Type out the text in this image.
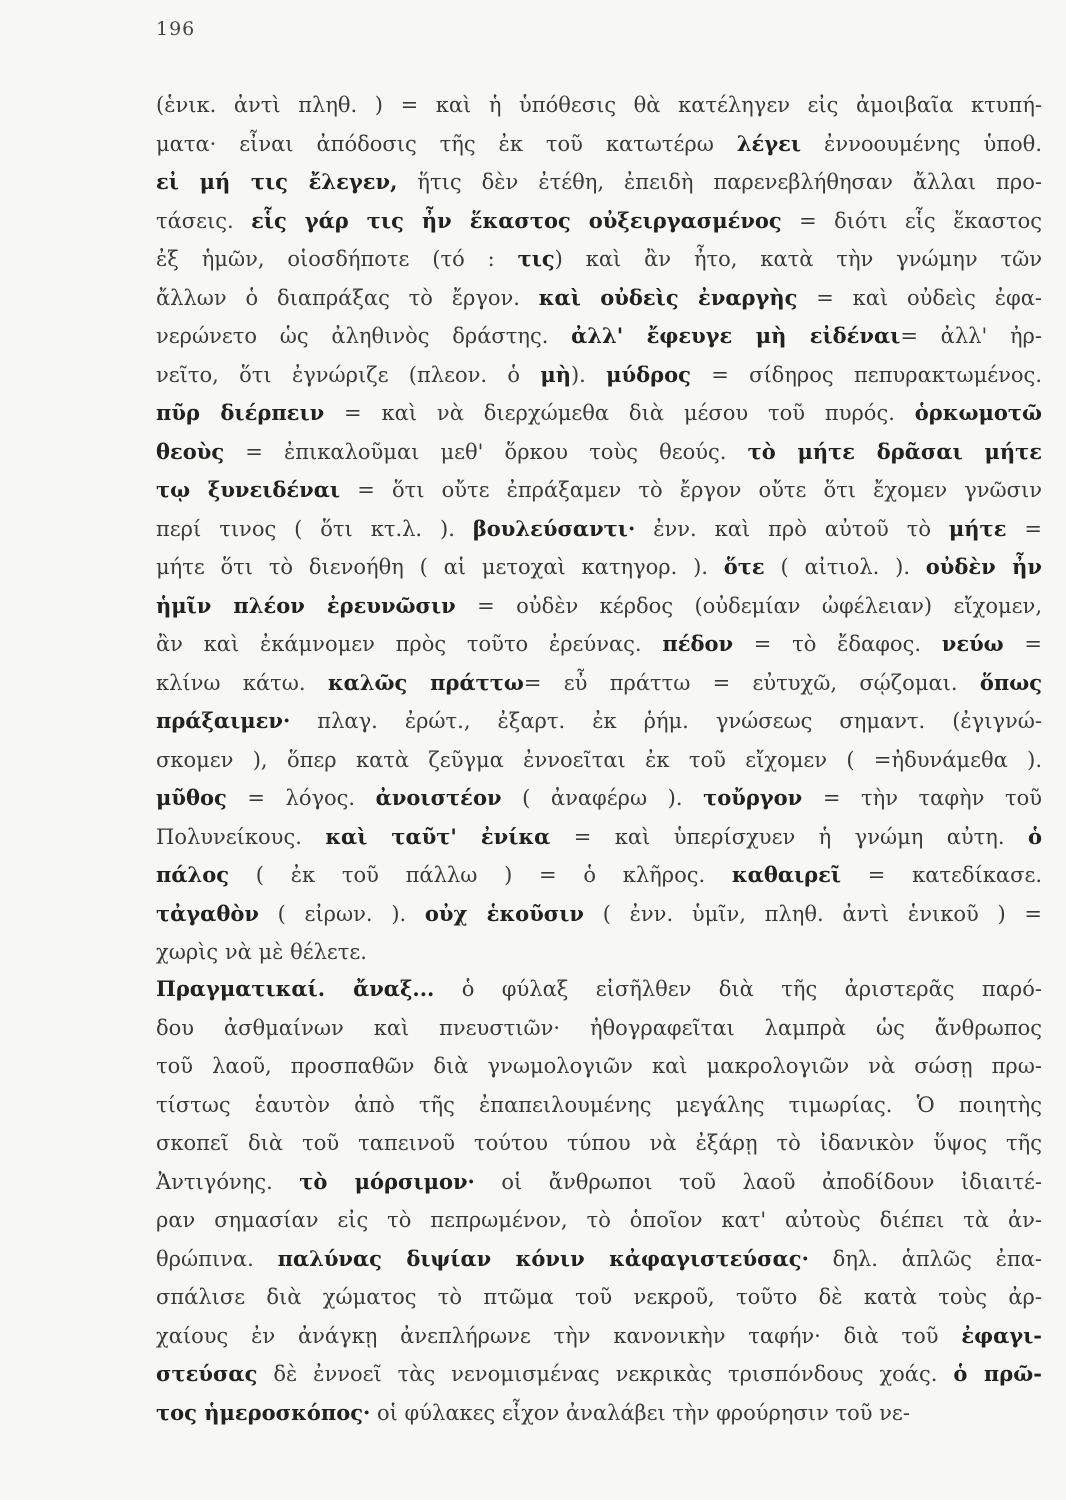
196
(ἑνικ. ἀντὶ πληθ. ) = καὶ ἡ ὑπόθεσις θὰ κατέληγεν εἰς ἀμοιβαῖα κτυπή-
ματα· εἶναι ἀπόδοσις τῆς ἐκ τοῦ κατωτέρω λέγει ἐννοουμένης ὑποθ.
εἰ μή τις ἔλεγεν, ἥτις δὲν ἐτέθη, ἐπειδὴ παρενεβλήθησαν ἄλλαι προ-
τάσεις. εἷς γάρ τις ἦν ἕκαστος οὐξειργασμένος = διότι εἷς ἕκαστος
ἐξ ἡμῶν, οἱοσδήποτε (τό : τις) καὶ ἂν ἦτο, κατὰ τὴν γνώμην τῶν
ἄλλων ὁ διαπράξας τὸ ἔργον. καὶ οὐδεὶς ἐναργὴς = καὶ οὐδεὶς ἐφα-
νερώνετο ὡς ἀληθινὸς δράστης. ἀλλ' ἔφευγε μὴ εἰδέναι= ἀλλ' ἠρ-
νεῖτο, ὅτι ἐγνώριζε (πλεον. ὁ μὴ). μύδρος = σίδηρος πεπυρακτωμένος.
πῦρ διέρπειν = καὶ νὰ διερχώμεθα διὰ μέσου τοῦ πυρός. ὁρκωμοτῶ
θεοὺς = ἐπικαλοῦμαι μεθ' ὅρκου τοὺς θεούς. τὸ μήτε δρᾶσαι μήτε
τῳ ξυνειδέναι = ὅτι οὔτε ἐπράξαμεν τὸ ἔργον οὔτε ὅτι ἔχομεν γνῶσιν
περί τινος ( ὅτι κτ.λ. ). βουλεύσαντι· ἐνν. καὶ πρὸ αὐτοῦ τὸ μήτε =
μήτε ὅτι τὸ διενοήθη ( αἱ μετοχαὶ κατηγορ. ). ὅτε ( αἰτιολ. ). οὐδὲν ἦν
ἡμῖν πλέον ἐρευνῶσιν = οὐδὲν κέρδος (οὐδεμίαν ὠφέλειαν) εἴχομεν,
ἂν καὶ ἐκάμνομεν πρὸς τοῦτο ἐρεύνας. πέδον = τὸ ἔδαφος. νεύω =
κλίνω κάτω. καλῶς πράττω= εὖ πράττω = εὐτυχῶ, σῴζομαι. ὅπως
πράξαιμεν· πλαγ. ἐρώτ., ἐξαρτ. ἐκ ῥήμ. γνώσεως σημαντ. (ἐγιγνώ-
σκομεν ), ὅπερ κατὰ ζεῦγμα ἐννοεῖται ἐκ τοῦ εἴχομεν ( =ἠδυνάμεθα ).
μῦθος = λόγος. ἀνοιστέον ( ἀναφέρω ). τοὔργον = τὴν ταφὴν τοῦ
Πολυνείκους. καὶ ταῦτ' ἐνίκα = καὶ ὑπερίσχυεν ἡ γνώμη αὐτη. ὁ
πάλος ( ἐκ τοῦ πάλλω ) = ὁ κλῆρος. καθαιρεῖ = κατεδίκασε.
τἀγαθὸν ( εἰρων. ). οὐχ ἑκοῦσιν ( ἐνν. ὑμῖν, πληθ. ἀντὶ ἑνικοῦ ) =
χωρὶς νὰ μὲ θέλετε.
Πραγματικαί. ἄναξ... ὁ φύλαξ εἰσῆλθεν διὰ τῆς ἀριστερᾶς παρό-
δου ἀσθμαίνων καὶ πνευστιῶν· ἠθογραφεῖται λαμπρὰ ὡς ἄνθρωπος
τοῦ λαοῦ, προσπαθῶν διὰ γνωμολογιῶν καὶ μακρολογιῶν νὰ σώσῃ πρω-
τίστως ἑαυτὸν ἀπὸ τῆς ἐπαπειλουμένης μεγάλης τιμωρίας. Ὁ ποιητὴς
σκοπεῖ διὰ τοῦ ταπεινοῦ τούτου τύπου νὰ ἐξάρῃ τὸ ἰδανικὸν ὕψος τῆς
Ἀντιγόνης. τὸ μόρσιμον· οἱ ἄνθρωποι τοῦ λαοῦ ἀποδίδουν ἰδιαιτέ-
ραν σημασίαν εἰς τὸ πεπρωμένον, τὸ ὁποῖον κατ' αὐτοὺς διέπει τὰ ἀν-
θρώπινα. παλύνας διψίαν κόνιν κἀφαγιστεύσας· δηλ. ἁπλῶς ἐπα-
σπάλισε διὰ χώματος τὸ πτῶμα τοῦ νεκροῦ, τοῦτο δὲ κατὰ τοὺς ἀρ-
χαίους ἐν ἀνάγκῃ ἀνεπλήρωνε τὴν κανονικὴν ταφήν· διὰ τοῦ ἐφαγι-
στεύσας δὲ ἐννοεῖ τὰς νενομισμένας νεκρικὰς τρισπόνδους χοάς. ὁ πρῶ-
τος ἡμεροσκόπος· οἱ φύλακες εἶχον ἀναλάβει τὴν φρούρησιν τοῦ νε-
